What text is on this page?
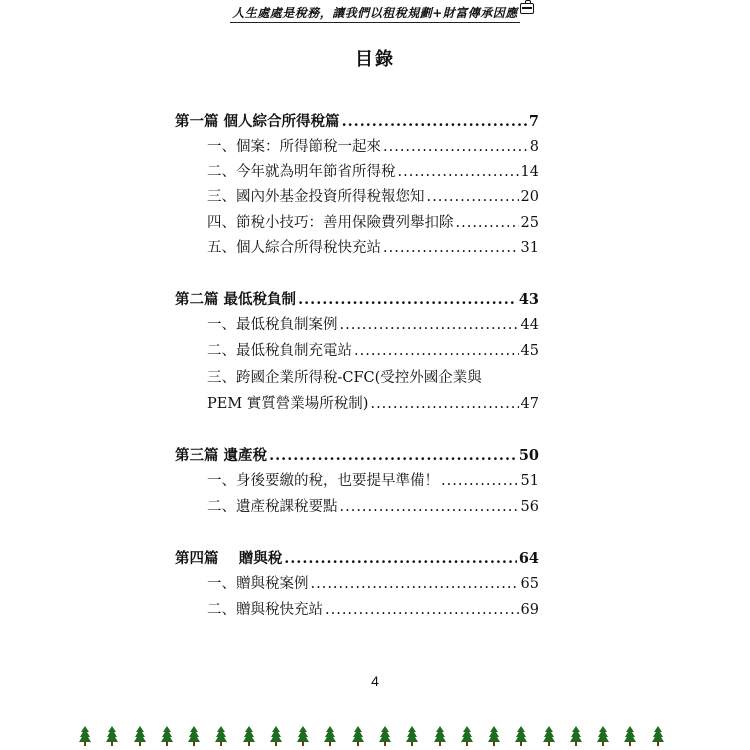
人生處處是稅務，讓我們以租稅規劃+財富傳承因應
目錄
第一篇 個人綜合所得稅篇 .....	7
一、個案：所得節稅一起來 .....	8
二、今年就為明年節省所得稅 .....	14
三、國內外基金投資所得稅報您知 .....	20
四、節稅小技巧：善用保險費列舉扣除 .....	25
五、個人綜合所得稅快充站 .....	31
第二篇 最低稅負制 .....	43
一、最低稅負制案例 .....	44
二、最低稅負制充電站 .....	45
三、跨國企業所得稅-CFC(受控外國企業與
PEM 實質營業場所稅制) .....	47
第三篇 遺產稅 .....	50
一、身後要繳的稅，也要提早準備！ .....	51
二、遺產稅課稅要點 .....	56
第四篇    贈與稅 .....	64
一、贈與稅案例 .....	65
二、贈與稅快充站 .....	69
4
